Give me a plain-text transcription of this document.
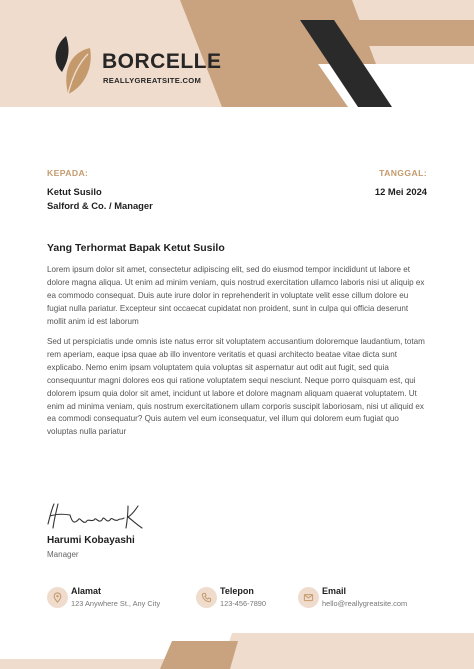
BORCELLE
REALLYGREATSITE.COM
KEPADA:
Ketut Susilo
Salford & Co. / Manager
TANGGAL:
12 Mei 2024
Yang Terhormat Bapak Ketut Susilo
Lorem ipsum dolor sit amet, consectetur adipiscing elit, sed do eiusmod tempor incididunt ut labore et dolore magna aliqua. Ut enim ad minim veniam, quis nostrud exercitation ullamco laboris nisi ut aliquip ex ea commodo consequat. Duis aute irure dolor in reprehenderit in voluptate velit esse cillum dolore eu fugiat nulla pariatur. Excepteur sint occaecat cupidatat non proident, sunt in culpa qui officia deserunt mollit anim id est laborum
Sed ut perspiciatis unde omnis iste natus error sit voluptatem accusantium doloremque laudantium, totam rem aperiam, eaque ipsa quae ab illo inventore veritatis et quasi architecto beatae vitae dicta sunt explicabo. Nemo enim ipsam voluptatem quia voluptas sit aspernatur aut odit aut fugit, sed quia consequuntur magni dolores eos qui ratione voluptatem sequi nesciunt. Neque porro quisquam est, qui dolorem ipsum quia dolor sit amet, incidunt ut labore et dolore magnam aliquam quaerat voluptatem. Ut enim ad minima veniam, quis nostrum exercitationem ullam corporis suscipit laboriosam, nisi ut aliquid ex ea commodi consequatur? Quis autem vel eum iconsequatur, vel illum qui dolorem eum fugiat quo voluptas nulla pariatur
Harumi Kobayashi
Manager
Alamat
123 Anywhere St., Any City
Telepon
123-456-7890
Email
hello@reallygreatsite.com
